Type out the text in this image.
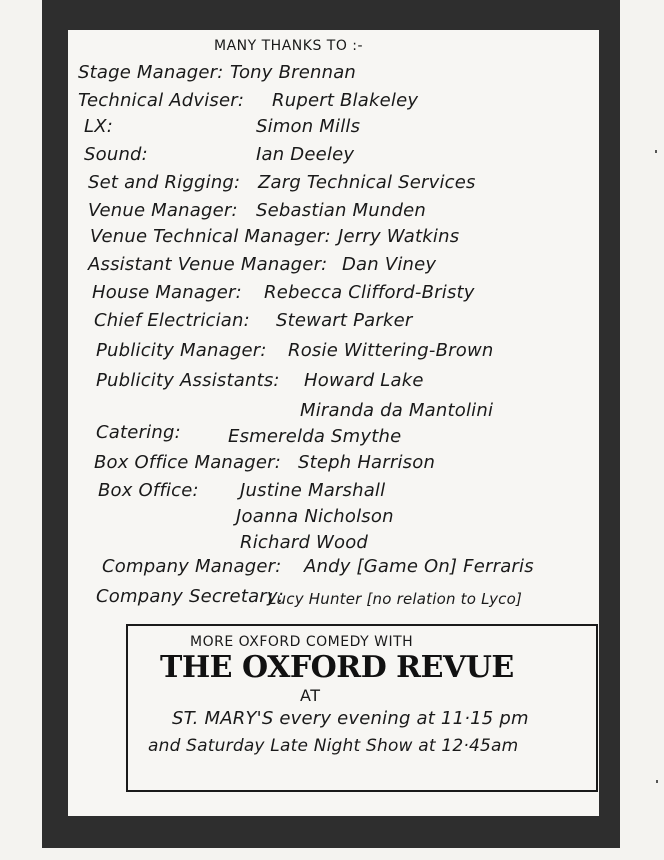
MANY THANKS TO :-
Stage Manager: Tony Brennan
Technical Adviser: Rupert Blakeley
LX:	Simon Mills
Sound:	Ian Deeley
Set and Rigging: Zarg Technical Services
Venue Manager: Sebastian Munden
Venue Technical Manager: Jerry Watkins
Assistant Venue Manager: Dan Viney
House Manager: Rebecca Clifford-Bristy
Chief Electrician: Stewart Parker
Publicity Manager: Rosie Wittering-Brown
Publicity Assistants: Howard Lake
Miranda da Mantolini
Catering:	Esmerelda Smythe
Box Office Manager: Steph Harrison
Box Office: Justine Marshall
Joanna Nicholson
Richard Wood
Company Manager: Andy [Game On] Ferraris
Company Secretary:
Lucy Hunter [no relation to Lyco]
MORE OXFORD COMEDY WITH
THE OXFORD REVUE
AT
ST. MARY'S every evening at 11·15 pm
and Saturday Late Night Show at 12·45am
